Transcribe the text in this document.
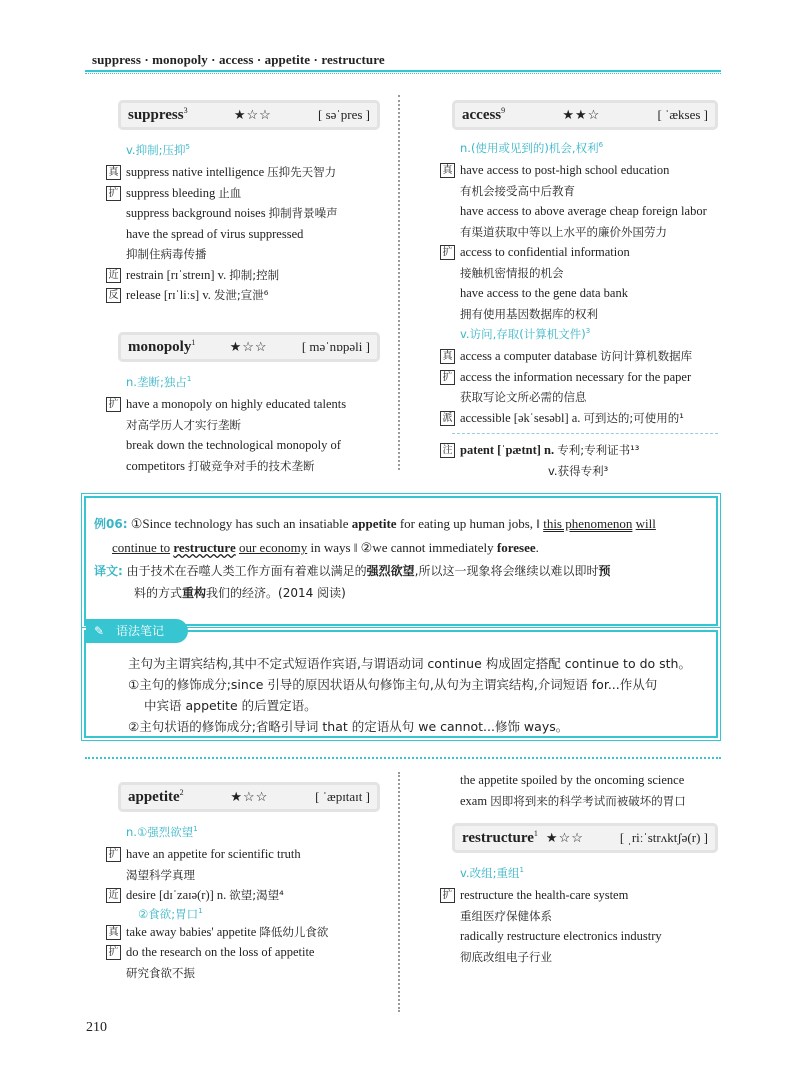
suppress · monopoly · access · appetite · restructure
suppress$^3$	★☆☆	[ səˈpres ]
v.抑制;压抑$^5$
真 suppress native intelligence 压抑先天智力
扩 suppress bleeding 止血
suppress background noises 抑制背景噪声
have the spread of virus suppressed
抑制住病毒传播
近 restrain [rɪˈstreɪn] v. 抑制;控制
反 release [rɪˈliːs] v. 发泄;宣泄⁶
monopoly$^1$	★☆☆	[ məˈnɒpəli ]
n.垄断;独占$^1$
扩 have a monopoly on highly educated talents
对高学历人才实行垄断
break down the technological monopoly of
competitors 打破竞争对手的技术垄断
access$^9$	★★☆	[ ˈækses ]
n.(使用或见到的)机会,权利$^6$
真 have access to post-high school education
有机会接受高中后教育
have access to above average cheap foreign labor
有渠道获取中等以上水平的廉价外国劳力
扩 access to confidential information
接触机密情报的机会
have access to the gene data bank
拥有使用基因数据库的权利
v.访问,存取(计算机文件)$^3$
真 access a computer database 访问计算机数据库
扩 access the information necessary for the paper
获取写论文所必需的信息
派 accessible [əkˈsesəbl] a. 可到达的;可使用的¹
注 patent [ˈpætnt] n. 专利;专利证书¹³
v.获得专利³
例06: ①Since technology has such an insatiable appetite for eating up human jobs, ‖ this phenomenon will
continue to restructure our economy in ways ‖ ②we cannot immediately foresee.
译文: 由于技术在吞噬人类工作方面有着难以满足的强烈欲望,所以这一现象将会继续以难以即时预
料的方式重构我们的经济。(2014 阅读)
✎ 语法笔记
主句为主谓宾结构,其中不定式短语作宾语,与谓语动词 continue 构成固定搭配 continue to do sth。
①主句的修饰成分;since 引导的原因状语从句修饰主句,从句为主谓宾结构,介词短语 for...作从句
中宾语 appetite 的后置定语。
②主句状语的修饰成分;省略引导词 that 的定语从句 we cannot...修饰 ways。
appetite$^2$	★☆☆	[ ˈæpɪtaɪt ]
n.①强烈欲望$^1$
扩 have an appetite for scientific truth
渴望科学真理
近 desire [dɪˈzaɪə(r)] n. 欲望;渴望⁴
②食欲;胃口$^1$
真 take away babies' appetite 降低幼儿食欲
扩 do the research on the loss of appetite
研究食欲不振
the appetite spoiled by the oncoming science
exam 因即将到来的科学考试而被破坏的胃口
restructure$^1$ ★☆☆	[ ˌriːˈstrʌktʃə(r) ]
v.改组;重组$^1$
扩 restructure the health-care system
重组医疗保健体系
radically restructure electronics industry
彻底改组电子行业
210
